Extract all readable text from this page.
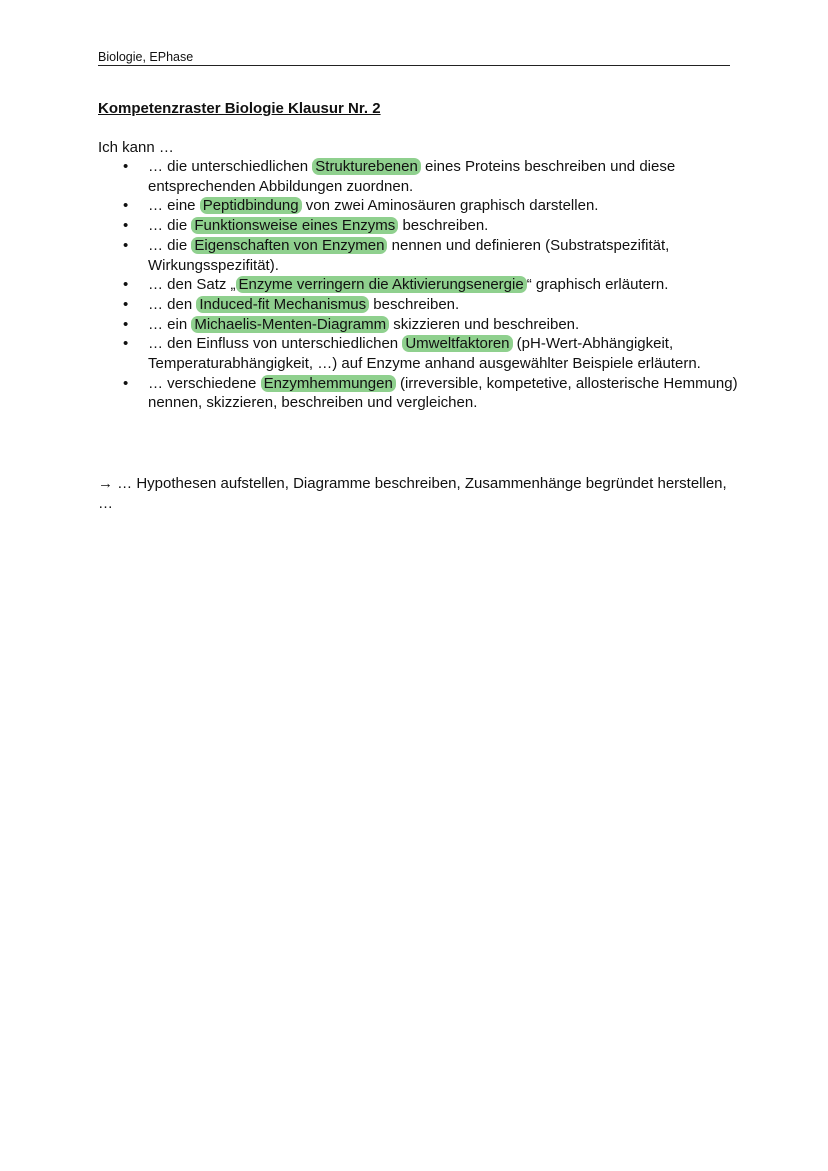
Biologie, EPhase
Kompetenzraster Biologie Klausur Nr. 2
Ich kann …
• … die unterschiedlichen Strukturebenen eines Proteins beschreiben und diese entsprechenden Abbildungen zuordnen.
• … eine Peptidbindung von zwei Aminosäuren graphisch darstellen.
• … die Funktionsweise eines Enzyms beschreiben.
• … die Eigenschaften von Enzymen nennen und definieren (Substratspezifität, Wirkungsspezifität).
• … den Satz „ Enzyme verringern die Aktivierungsenergie “ graphisch erläutern.
• … den Induced-fit Mechanismus beschreiben.
• … ein Michaelis-Menten-Diagramm skizzieren und beschreiben.
• … den Einfluss von unterschiedlichen Umweltfaktoren (pH-Wert-Abhängigkeit, Temperaturabhängigkeit, …) auf Enzyme anhand ausgewählter Beispiele erläutern.
• … verschiedene Enzymhemmungen (irreversible, kompetetive, allosterische Hemmung) nennen, skizzieren, beschreiben und vergleichen.
→ … Hypothesen aufstellen, Diagramme beschreiben, Zusammenhänge begründet herstellen, …
